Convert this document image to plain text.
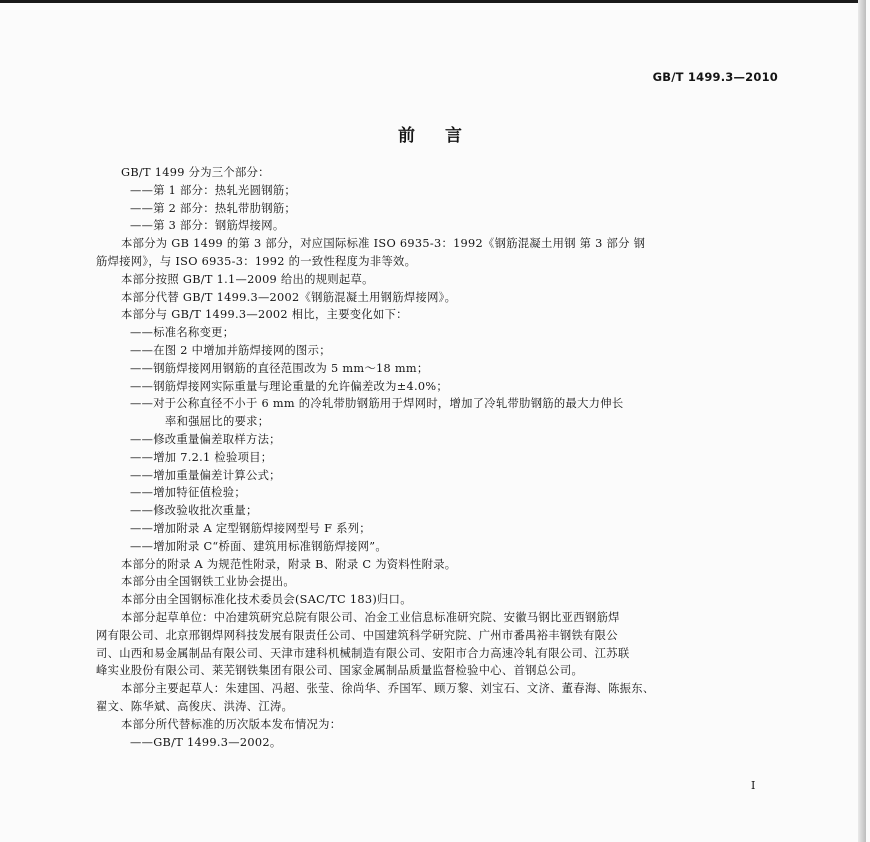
GB/T 1499.3—2010
前言
GB/T 1499 分为三个部分：
——第 1 部分：热轧光圆钢筋；
——第 2 部分：热轧带肋钢筋；
——第 3 部分：钢筋焊接网。
本部分为 GB 1499 的第 3 部分，对应国际标准 ISO 6935-3：1992《钢筋混凝土用钢 第 3 部分 钢
筋焊接网》，与 ISO 6935-3：1992 的一致性程度为非等效。
本部分按照 GB/T 1.1—2009 给出的规则起草。
本部分代替 GB/T 1499.3—2002《钢筋混凝土用钢筋焊接网》。
本部分与 GB/T 1499.3—2002 相比，主要变化如下：
——标准名称变更；
——在图 2 中增加并筋焊接网的图示；
——钢筋焊接网用钢筋的直径范围改为 5 mm～18 mm；
——钢筋焊接网实际重量与理论重量的允许偏差改为±4.0%；
——对于公称直径不小于 6 mm 的冷轧带肋钢筋用于焊网时，增加了冷轧带肋钢筋的最大力伸长
率和强屈比的要求；
——修改重量偏差取样方法；
——增加 7.2.1 检验项目；
——增加重量偏差计算公式；
——增加特征值检验；
——修改验收批次重量；
——增加附录 A 定型钢筋焊接网型号 F 系列；
——增加附录 C“桥面、建筑用标准钢筋焊接网”。
本部分的附录 A 为规范性附录，附录 B、附录 C 为资料性附录。
本部分由全国钢铁工业协会提出。
本部分由全国钢标准化技术委员会(SAC/TC 183)归口。
本部分起草单位：中冶建筑研究总院有限公司、冶金工业信息标准研究院、安徽马钢比亚西钢筋焊
网有限公司、北京邢钢焊网科技发展有限责任公司、中国建筑科学研究院、广州市番禺裕丰钢铁有限公
司、山西和易金属制品有限公司、天津市建科机械制造有限公司、安阳市合力高速冷轧有限公司、江苏联
峰实业股份有限公司、莱芜钢铁集团有限公司、国家金属制品质量监督检验中心、首钢总公司。
本部分主要起草人：朱建国、冯超、张莹、徐尚华、乔国军、顾万黎、刘宝石、文济、董春海、陈振东、
翟文、陈华斌、高俊庆、洪涛、江涛。
本部分所代替标准的历次版本发布情况为：
——GB/T 1499.3—2002。
I
